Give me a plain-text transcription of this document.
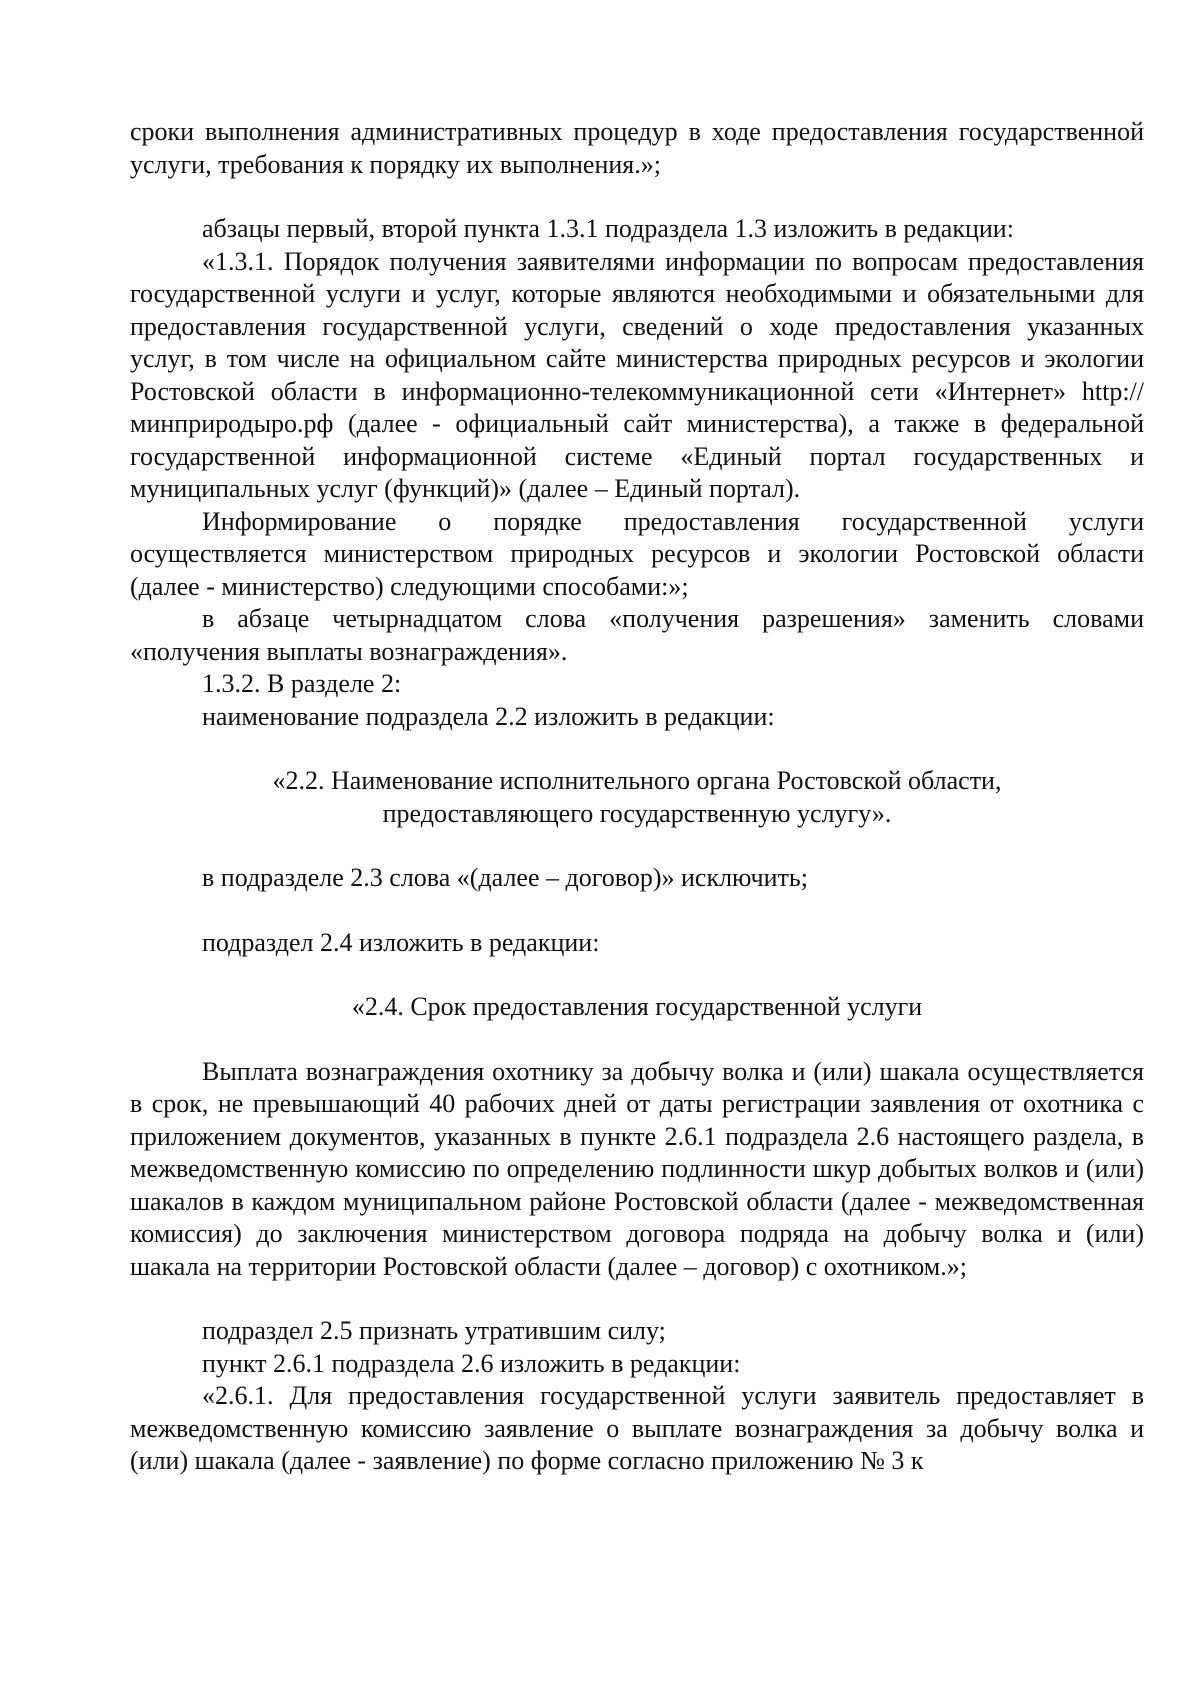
сроки выполнения административных процедур в ходе предоставления государственной услуги, требования к порядку их выполнения.»;

абзацы первый, второй пункта 1.3.1 подраздела 1.3 изложить в редакции:

«1.3.1. Порядок получения заявителями информации по вопросам предоставления государственной услуги и услуг, которые являются необходимыми и обязательными для предоставления государственной услуги, сведений о ходе предоставления указанных услуг, в том числе на официальном сайте министерства природных ресурсов и экологии Ростовской области в информационно-телекоммуникационной сети «Интернет» http://минприродыро.рф (далее - официальный сайт министерства), а также в федеральной государственной информационной системе «Единый портал государственных и муниципальных услуг (функций)» (далее – Единый портал).

Информирование о порядке предоставления государственной услуги осуществляется министерством природных ресурсов и экологии Ростовской области (далее - министерство) следующими способами:»;

в абзаце четырнадцатом слова «получения разрешения» заменить словами «получения выплаты вознаграждения».

1.3.2. В разделе 2:

наименование подраздела 2.2 изложить в редакции:

«2.2. Наименование исполнительного органа Ростовской области,
предоставляющего государственную услугу».

в подразделе 2.3 слова «(далее – договор)» исключить;

подраздел 2.4 изложить в редакции:

«2.4. Срок предоставления государственной услуги

Выплата вознаграждения охотнику за добычу волка и (или) шакала осуществляется в срок, не превышающий 40 рабочих дней от даты регистрации заявления от охотника с приложением документов, указанных в пункте 2.6.1 подраздела 2.6 настоящего раздела, в межведомственную комиссию по определению подлинности шкур добытых волков и (или) шакалов в каждом муниципальном районе Ростовской области (далее - межведомственная комиссия) до заключения министерством договора подряда на добычу волка и (или) шакала на территории Ростовской области (далее – договор) с охотником.»;

подраздел 2.5 признать утратившим силу;

пункт 2.6.1 подраздела 2.6 изложить в редакции:

«2.6.1. Для предоставления государственной услуги заявитель предоставляет в межведомственную комиссию заявление о выплате вознаграждения за добычу волка и (или) шакала (далее - заявление) по форме согласно приложению № 3 к
